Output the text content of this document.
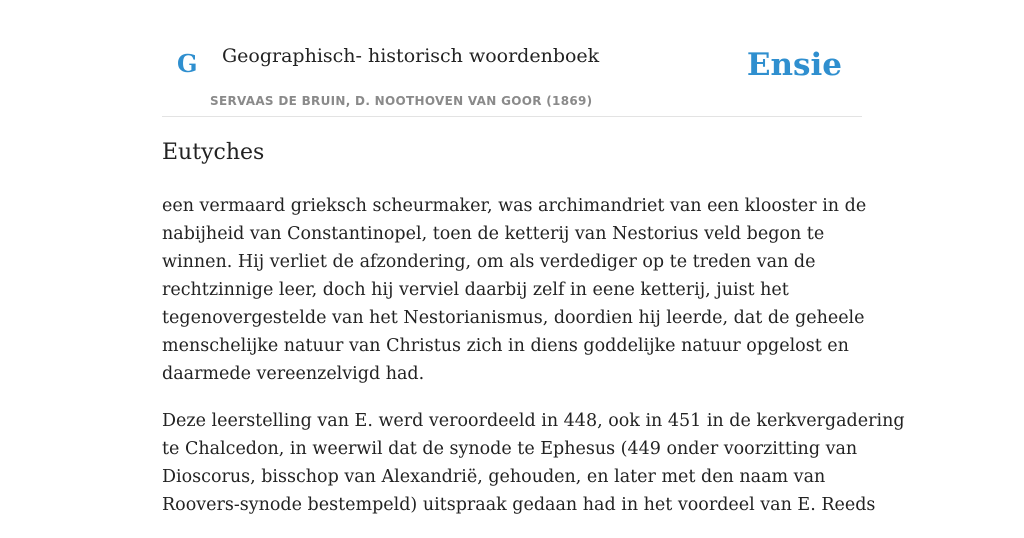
G Geographisch- historisch woordenboek
SERVAAS DE BRUIN, D. NOOTHOVEN VAN GOOR (1869)
Ensie
Eutyches

een vermaard grieksch scheurmaker, was archimandriet van een klooster in de
nabijheid van Constantinopel, toen de ketterij van Nestorius veld begon te
winnen. Hij verliet de afzondering, om als verdediger op te treden van de
rechtzinnige leer, doch hij verviel daarbij zelf in eene ketterij, juist het
tegenovergestelde van het Nestorianismus, doordien hij leerde, dat de geheele
menschelijke natuur van Christus zich in diens goddelijke natuur opgelost en
daarmede vereenzelvigd had.

Deze leerstelling van E. werd veroordeeld in 448, ook in 451 in de kerkvergadering
te Chalcedon, in weerwil dat de synode te Ephesus (449 onder voorzitting van
Dioscorus, bisschop van Alexandrië, gehouden, en later met den naam van
Roovers-synode bestempeld) uitspraak gedaan had in het voordeel van E. Reeds
